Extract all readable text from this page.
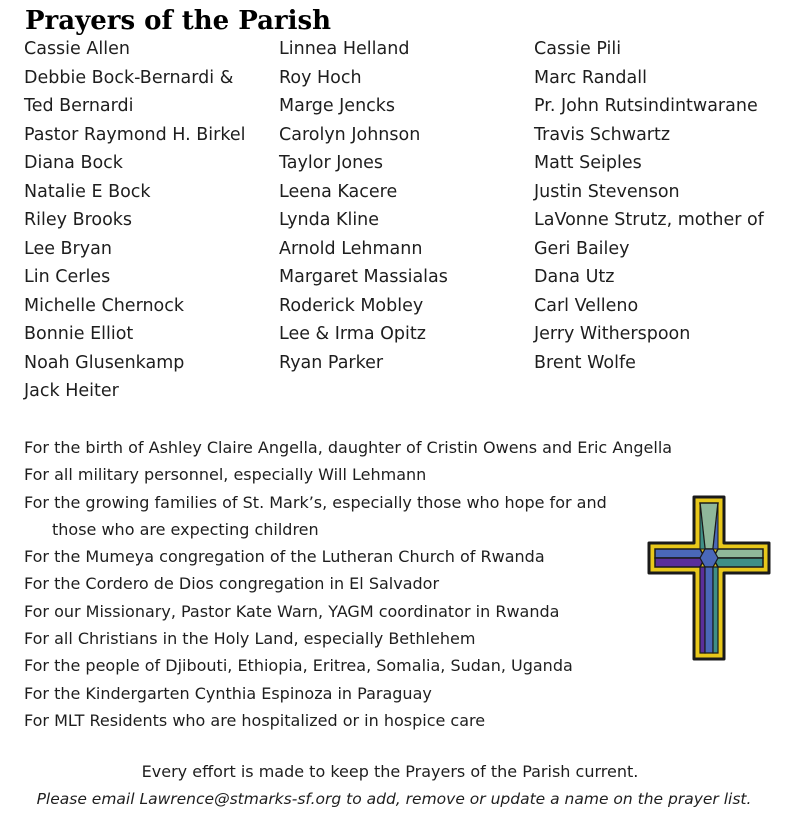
Prayers of the Parish
Cassie Allen
Debbie Bock-Bernardi &
Ted Bernardi
Pastor Raymond H. Birkel
Diana Bock
Natalie E Bock
Riley Brooks
Lee Bryan
Lin Cerles
Michelle Chernock
Bonnie Elliot
Noah Glusenkamp
Jack Heiter
Linnea Helland
Roy Hoch
Marge Jencks
Carolyn Johnson
Taylor Jones
Leena Kacere
Lynda Kline
Arnold Lehmann
Margaret Massialas
Roderick Mobley
Lee & Irma Opitz
Ryan Parker
Cassie Pili
Marc Randall
Pr. John Rutsindintwarane
Travis Schwartz
Matt Seiples
Justin Stevenson
LaVonne Strutz, mother of
Geri Bailey
Dana Utz
Carl Velleno
Jerry Witherspoon
Brent Wolfe
For the birth of Ashley Claire Angella, daughter of Cristin Owens and Eric Angella
For all military personnel, especially Will Lehmann
For the growing families of St. Mark’s, especially those who hope for and
those who are expecting children
For the Mumeya congregation of the Lutheran Church of Rwanda
For the Cordero de Dios congregation in El Salvador
For our Missionary, Pastor Kate Warn, YAGM coordinator in Rwanda
For all Christians in the Holy Land, especially Bethlehem
For the people of Djibouti, Ethiopia, Eritrea, Somalia, Sudan, Uganda
For the Kindergarten Cynthia Espinoza in Paraguay
For MLT Residents who are hospitalized or in hospice care
Every effort is made to keep the Prayers of the Parish current.
Please email Lawrence@stmarks-sf.org to add, remove or update a name on the prayer list.
